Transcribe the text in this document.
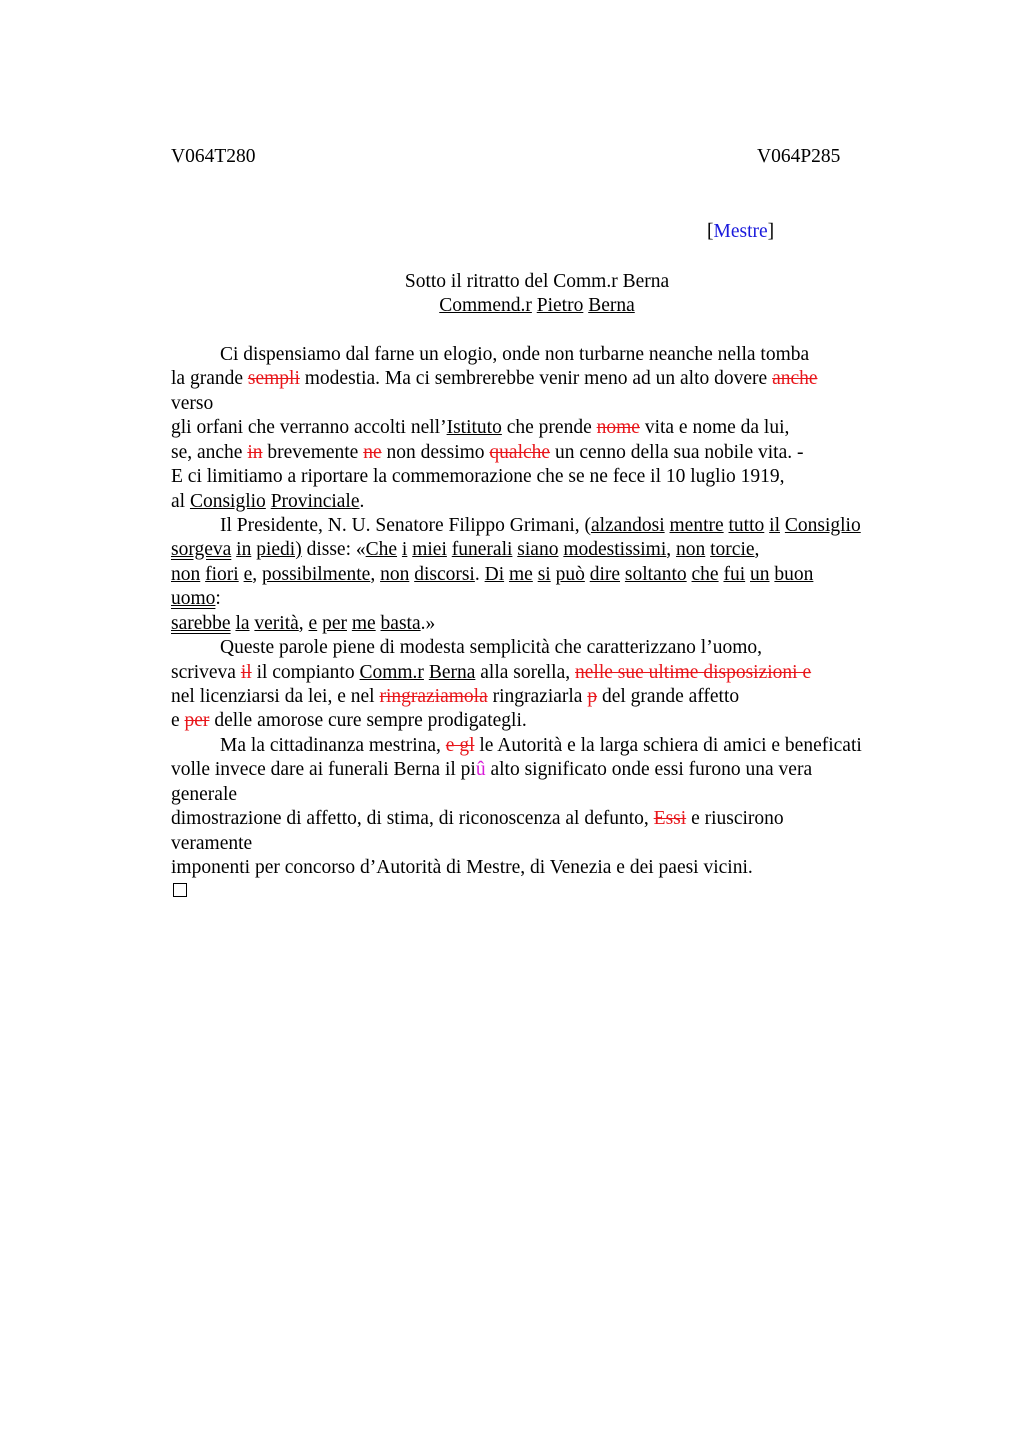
V064T280	V064P285
[Mestre]
Sotto il ritratto del Comm.r Berna
Commend.r Pietro Berna
Ci dispensiamo dal farne un elogio, onde non turbarne neanche nella tomba
la grande sempli modestia. Ma ci sembrerebbe venir meno ad un alto dovere anche
verso
gli orfani che verranno accolti nell’Istituto che prende nome vita e nome da lui,
se, anche in brevemente ne non dessimo qualche un cenno della sua nobile vita. -
E ci limitiamo a riportare la commemorazione che se ne fece il 10 luglio 1919,
al Consiglio Provinciale.
Il Presidente, N. U. Senatore Filippo Grimani, (alzandosi mentre tutto il Consiglio
sorgeva in piedi) disse: «Che i miei funerali siano modestissimi, non torcie,
non fiori e, possibilmente, non discorsi. Di me si può dire soltanto che fui un buon
uomo:
sarebbe la verità, e per me basta.»
Queste parole piene di modesta semplicità che caratterizzano l’uomo,
scriveva il il compianto Comm.r Berna alla sorella, nelle sue ultime disposizioni e
nel licenziarsi da lei, e nel ringraziamola ringraziarla p del grande affetto
e per delle amorose cure sempre prodigategli.
Ma la cittadinanza mestrina, e gl le Autorità e la larga schiera di amici e beneficati
volle invece dare ai funerali Berna il piû alto significato onde essi furono una vera
generale
dimostrazione di affetto, di stima, di riconoscenza al defunto, Essi e riuscirono
veramente
imponenti per concorso d’Autorità di Mestre, di Venezia e dei paesi vicini.
